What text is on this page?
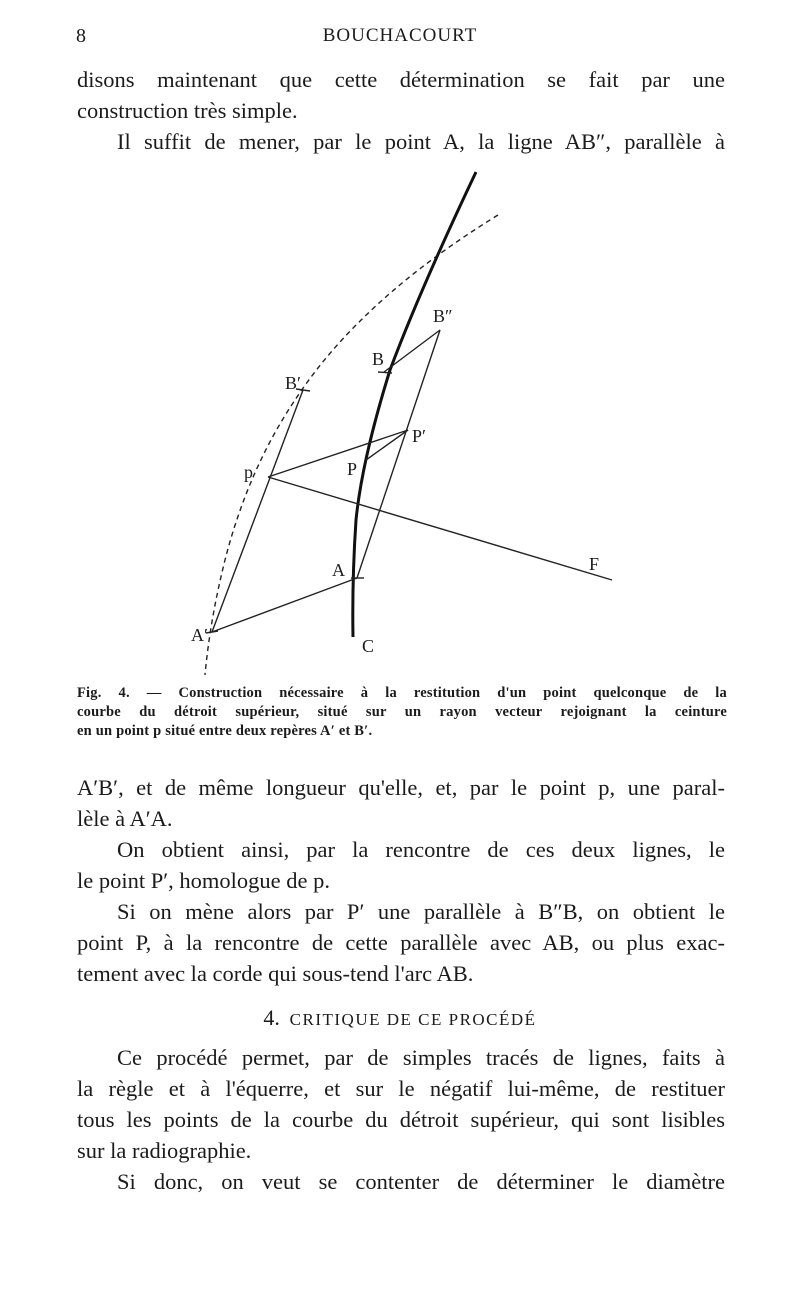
8	BOUCHACOURT
disons maintenant que cette détermination se fait par une
construction très simple.
Il suffit de mener, par le point A, la ligne AB″, parallèle à
B″
B
B′
P′
p	P
A	F
A′
C
Fig. 4. — Construction nécessaire à la restitution d'un point quelconque de la
courbe du détroit supérieur, situé sur un rayon vecteur rejoignant la ceinture
en un point p situé entre deux repères A′ et B′.
A′B′, et de même longueur qu'elle, et, par le point p, une paral-
lèle à A′A.
On obtient ainsi, par la rencontre de ces deux lignes, le
le point P′, homologue de p.
Si on mène alors par P′ une parallèle à B″B, on obtient le
point P, à la rencontre de cette parallèle avec AB, ou plus exac-
tement avec la corde qui sous-tend l'arc AB.
4. CRITIQUE DE CE PROCÉDÉ
Ce procédé permet, par de simples tracés de lignes, faits à
la règle et à l'équerre, et sur le négatif lui-même, de restituer
tous les points de la courbe du détroit supérieur, qui sont lisibles
sur la radiographie.
Si donc, on veut se contenter de déterminer le diamètre
